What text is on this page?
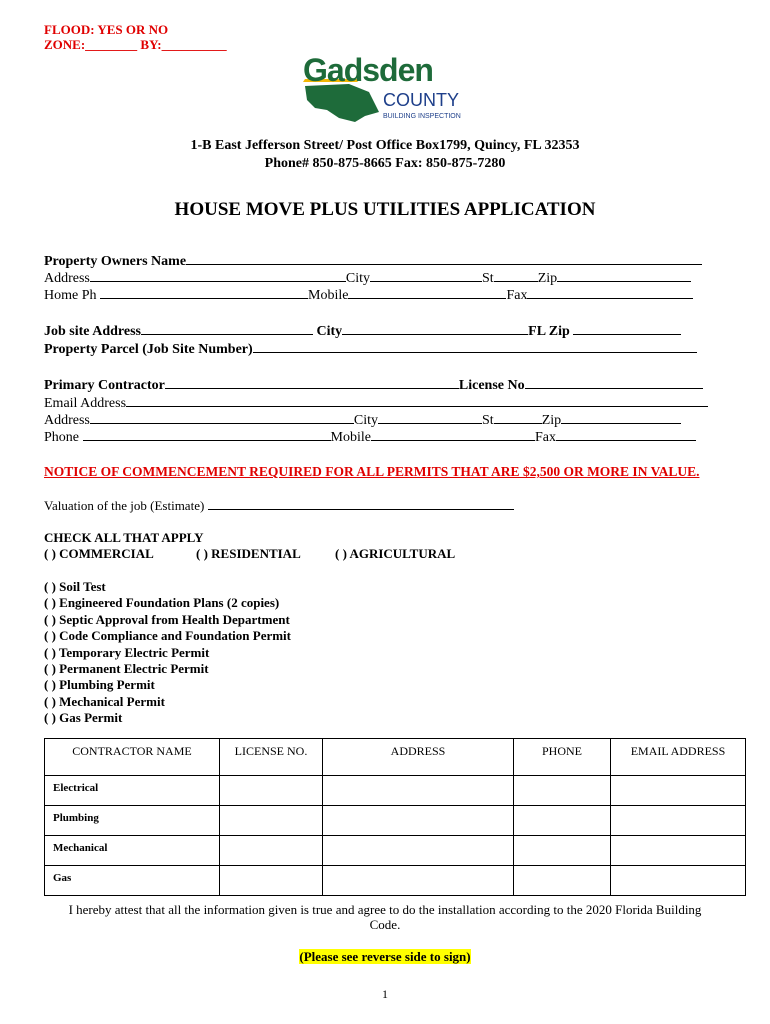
FLOOD: YES OR NO
ZONE:________ BY:__________
Gadsden
COUNTY
BUILDING INSPECTION
1-B East Jefferson Street/ Post Office Box1799, Quincy, FL 32353
Phone# 850-875-8665 Fax: 850-875-7280
HOUSE MOVE PLUS UTILITIES APPLICATION
Property Owners Name
Address	City	St	Zip
Home Ph	Mobile	Fax
Job site Address	City	FL Zip
Property Parcel (Job Site Number)
Primary Contractor	License No
Email Address
Address	City	St	Zip
Phone	Mobile	Fax
NOTICE OF COMMENCEMENT REQUIRED FOR ALL PERMITS THAT ARE $2,500 OR MORE IN VALUE.
Valuation of the job (Estimate)
CHECK ALL THAT APPLY
( ) COMMERCIAL	( ) RESIDENTIAL	( ) AGRICULTURAL
( ) Soil Test
( ) Engineered Foundation Plans (2 copies)
( ) Septic Approval from Health Department
( ) Code Compliance and Foundation Permit
( ) Temporary Electric Permit
( ) Permanent Electric Permit
( ) Plumbing Permit
( ) Mechanical Permit
( ) Gas Permit
CONTRACTOR NAME	LICENSE NO.	ADDRESS	PHONE	EMAIL ADDRESS
Electrical				
Plumbing				
Mechanical				
Gas				
I hereby attest that all the information given is true and agree to do the installation according to the 2020 Florida Building
Code.
(Please see reverse side to sign)
1
